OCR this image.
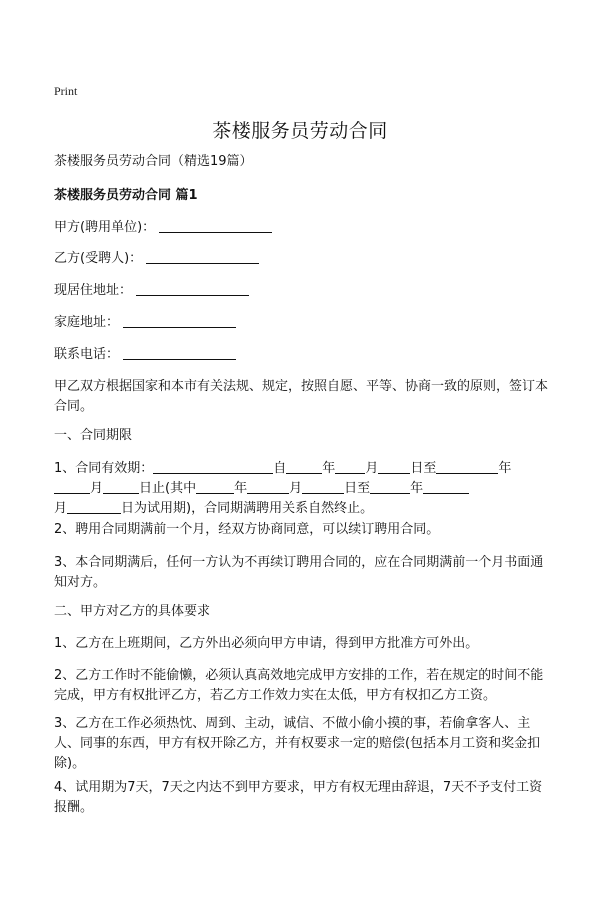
Print
茶楼服务员劳动合同
茶楼服务员劳动合同（精选19篇）
茶楼服务员劳动合同 篇1
甲方(聘用单位)：
乙方(受聘人)：
现居住地址：
家庭地址：
联系电话：
甲乙双方根据国家和本市有关法规、规定，按照自愿、平等、协商一致的原则，签订本合同。
一、合同期限
1、合同有效期：	自	年 月 日至	年
月	日止(其中	年	月	日至	年
月	日为试用期)，合同期满聘用关系自然终止。
2、聘用合同期满前一个月，经双方协商同意，可以续订聘用合同。
3、本合同期满后，任何一方认为不再续订聘用合同的，应在合同期满前一个月书面通知对方。
二、甲方对乙方的具体要求
1、乙方在上班期间，乙方外出必须向甲方申请，得到甲方批准方可外出。
2、乙方工作时不能偷懒，必须认真高效地完成甲方安排的工作，若在规定的时间不能完成，甲方有权批评乙方，若乙方工作效力实在太低，甲方有权扣乙方工资。
3、乙方在工作必须热忱、周到、主动，诚信、不做小偷小摸的事，若偷拿客人、主人、同事的东西，甲方有权开除乙方，并有权要求一定的赔偿(包括本月工资和奖金扣除)。
4、试用期为7天，7天之内达不到甲方要求，甲方有权无理由辞退，7天不予支付工资报酬。
